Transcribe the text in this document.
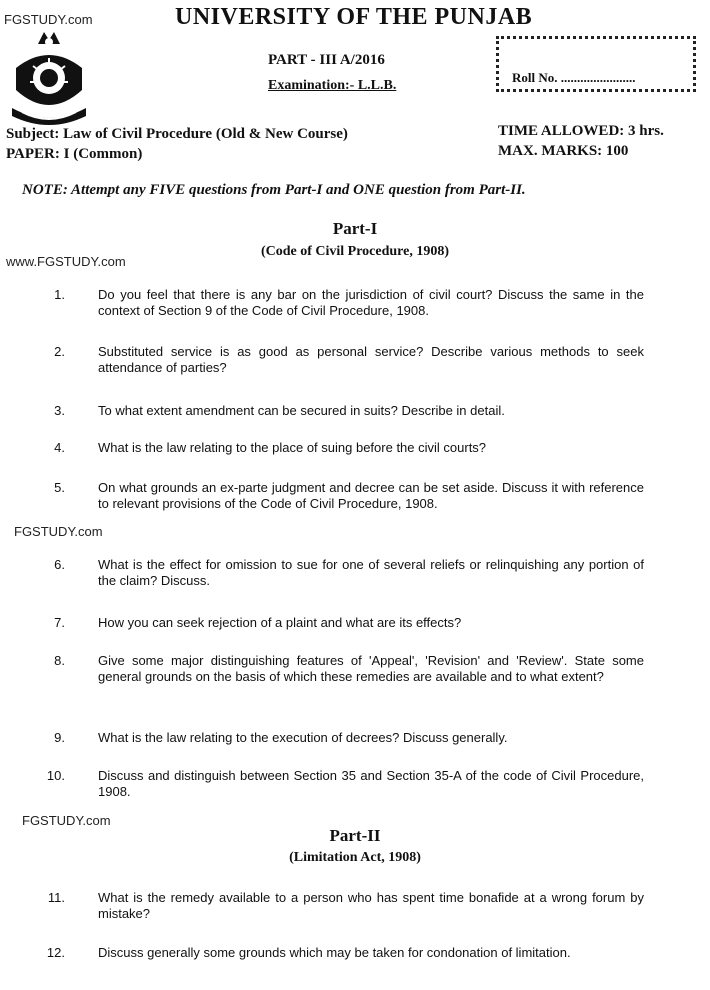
FGSTUDY.com
www.FGSTUDY.com
FGSTUDY.com
FGSTUDY.com
UNIVERSITY OF THE PUNJAB
PART - III A/2016
Examination:- L.L.B.
Roll No. .......................
Subject: Law of Civil Procedure (Old & New Course)
PAPER: I (Common)
TIME ALLOWED: 3 hrs.
MAX. MARKS: 100
NOTE: Attempt any FIVE questions from Part-I and ONE question from Part-II.
Part-I
(Code of Civil Procedure, 1908)
1.	Do you feel that there is any bar on the jurisdiction of civil court? Discuss the same in the context of Section 9 of the Code of Civil Procedure, 1908.
2.	Substituted service is as good as personal service? Describe various methods to seek attendance of parties?
3.	To what extent amendment can be secured in suits? Describe in detail.
4.	What is the law relating to the place of suing before the civil courts?
5.	On what grounds an ex-parte judgment and decree can be set aside. Discuss it with reference to relevant provisions of the Code of Civil Procedure, 1908.
6.	What is the effect for omission to sue for one of several reliefs or relinquishing any portion of the claim? Discuss.
7.	How you can seek rejection of a plaint and what are its effects?
8.	Give some major distinguishing features of 'Appeal', 'Revision' and 'Review'. State some general grounds on the basis of which these remedies are available and to what extent?
9.	What is the law relating to the execution of decrees? Discuss generally.
10.	Discuss and distinguish between Section 35 and Section 35-A of the code of Civil Procedure, 1908.
Part-II
(Limitation Act, 1908)
11.	What is the remedy available to a person who has spent time bonafide at a wrong forum by mistake?
12.	Discuss generally some grounds which may be taken for condonation of limitation.
